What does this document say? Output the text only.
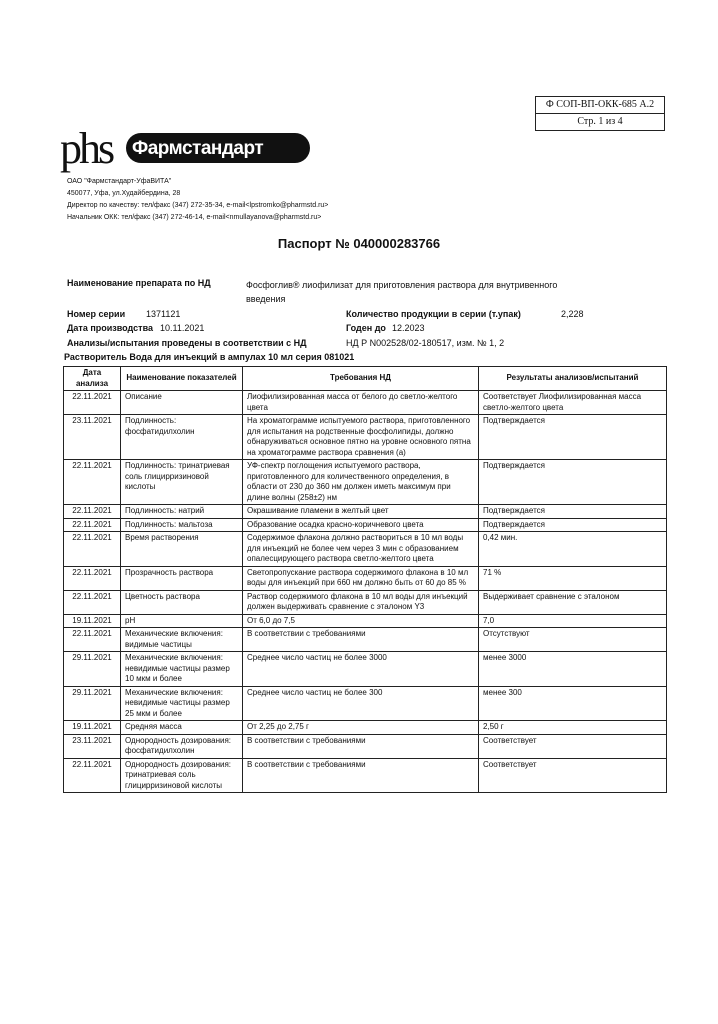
Ф СОП-ВП-ОКК-685 А.2
Стр. 1 из 4
phs Фармстандарт
ОАО "Фармстандарт-УфаВИТА"
450077, Уфа, ул.Худайбердина, 28
Директор по качеству: тел/факс (347) 272-35-34, e-mail<lpstromko@pharmstd.ru>
Начальник ОКК: тел/факс (347) 272-46-14, e-mail<nmullayanova@pharmstd.ru>
Паспорт № 040000283766
Наименование препарата по НД	Фосфоглив® лиофилизат для приготовления раствора для внутривенного введения
Номер серии 1371121	Количество продукции в серии (т.упак)	2,228
Дата производства 10.11.2021	Годен до 12.2023
Анализы/испытания проведены в соответствии с НД	НД Р N002528/02-180517, изм. № 1, 2
Растворитель Вода для инъекций в ампулах 10 мл серия 081021
Дата анализа	Наименование показателей	Требования НД	Результаты анализов/испытаний
22.11.2021	Описание	Лиофилизированная масса от белого до светло-желтого цвета	Соответствует Лиофилизированная масса светло-желтого цвета
23.11.2021	Подлинность: фосфатидилхолин	На хроматограмме испытуемого раствора, приготовленного для испытания на родственные фосфолипиды, должно обнаруживаться основное пятно на уровне основного пятна на хроматограмме раствора сравнения (а)	Подтверждается
22.11.2021	Подлинность: тринатриевая соль глицирризиновой кислоты	УФ-спектр поглощения испытуемого раствора, приготовленного для количественного определения, в области от 230 до 360 нм должен иметь максимум при длине волны (258±2) нм	Подтверждается
22.11.2021	Подлинность: натрий	Окрашивание пламени в желтый цвет	Подтверждается
22.11.2021	Подлинность: мальтоза	Образование осадка красно-коричневого цвета	Подтверждается
22.11.2021	Время растворения	Содержимое флакона должно раствориться в 10 мл воды для инъекций не более чем через 3 мин с образованием опалесцирующего раствора светло-желтого цвета	0,42 мин.
22.11.2021	Прозрачность раствора	Светопропускание раствора содержимого флакона в 10 мл воды для инъекций при 660 нм должно быть от 60 до 85 %	71 %
22.11.2021	Цветность раствора	Раствор содержимого флакона в 10 мл воды для инъекций должен выдерживать сравнение с эталоном Y3	Выдерживает сравнение с эталоном
19.11.2021	pH	От 6,0 до 7,5	7,0
22.11.2021	Механические включения: видимые частицы	В соответствии с требованиями	Отсутствуют
29.11.2021	Механические включения: невидимые частицы размер 10 мкм и более	Среднее число частиц не более 3000	менее 3000
29.11.2021	Механические включения: невидимые частицы размер 25 мкм и более	Среднее число частиц не более 300	менее 300
19.11.2021	Средняя масса	От 2,25 до 2,75 г	2,50 г
23.11.2021	Однородность дозирования: фосфатидилхолин	В соответствии с требованиями	Соответствует
22.11.2021	Однородность дозирования: тринатриевая соль глицирризиновой кислоты	В соответствии с требованиями	Соответствует
